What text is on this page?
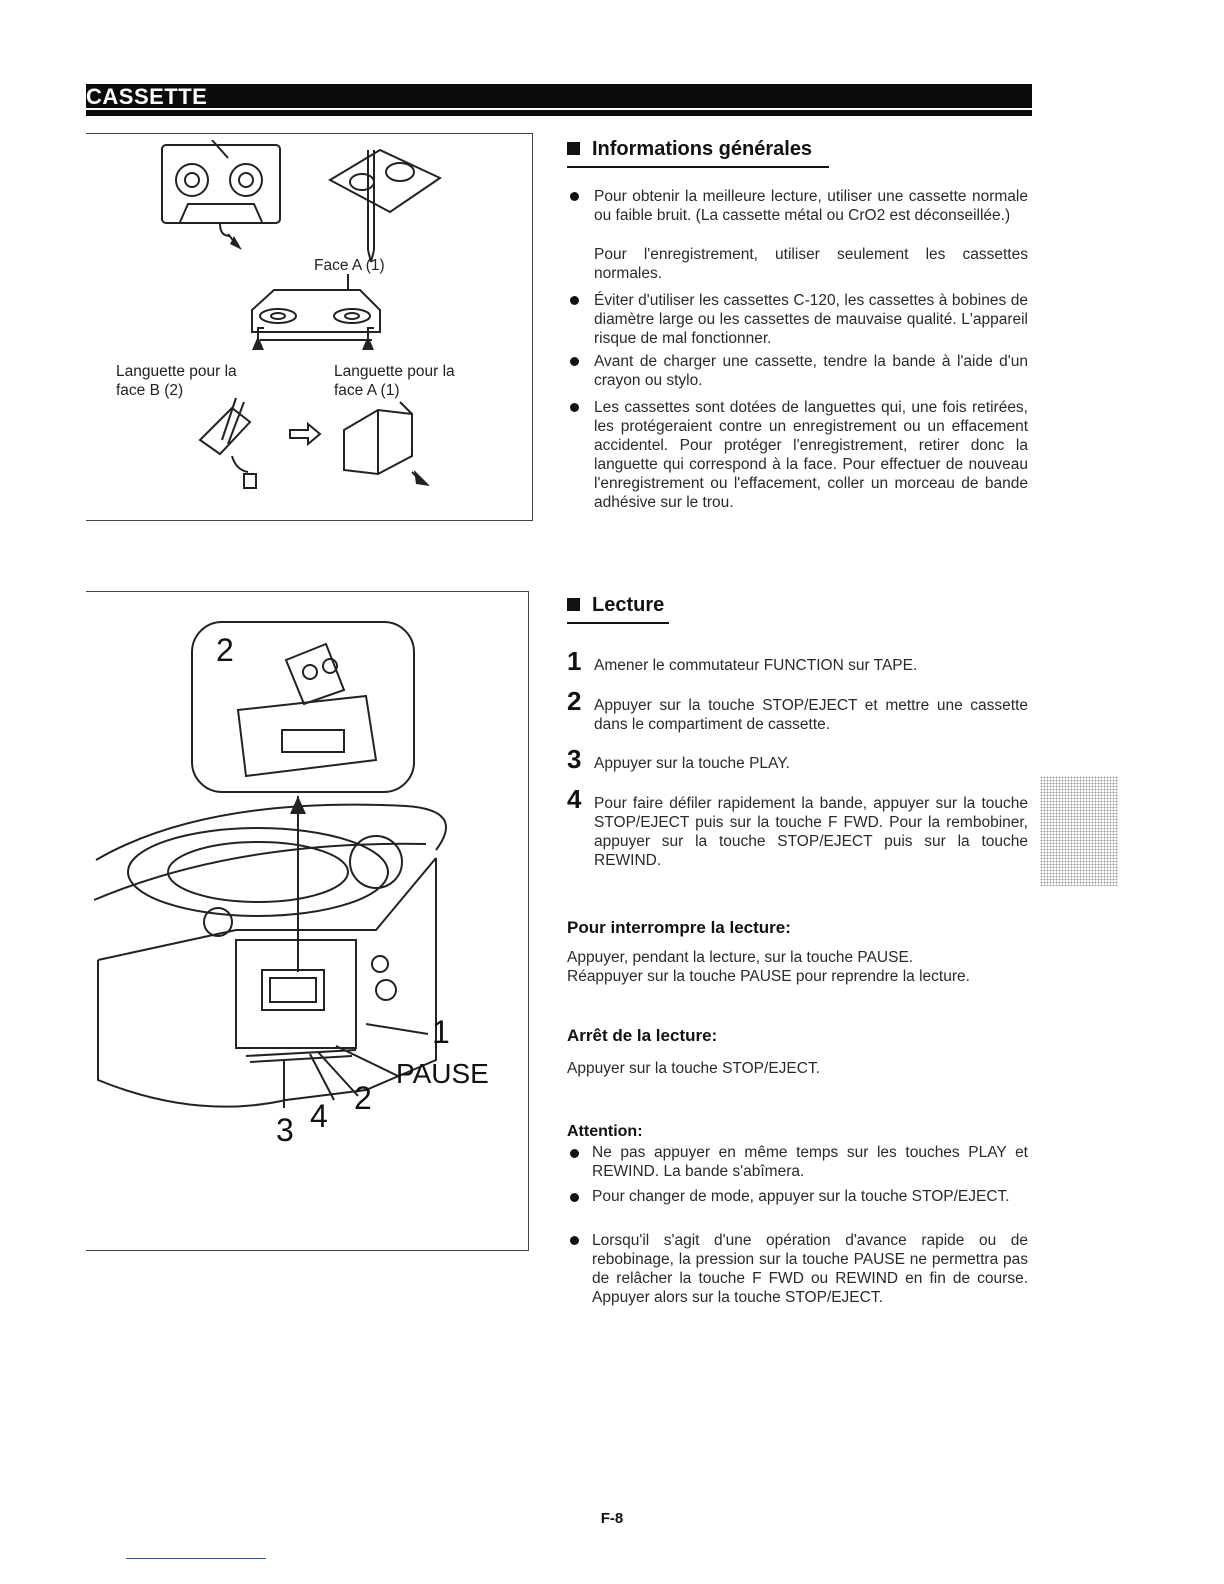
CASSETTE
Face A (1)
Languette pour la
face B (2)
Languette pour la
face A (1)
2
1
PAUSE
2
4
3
Informations générales
Pour obtenir la meilleure lecture, utiliser une cassette normale ou faible bruit. (La cassette métal ou CrO2 est déconseillée.)
Pour l'enregistrement, utiliser seulement les cassettes normales.
Éviter d'utiliser les cassettes C-120, les cassettes à bobines de diamètre large ou les cassettes de mauvaise qualité. L'appareil risque de mal fonctionner.
Avant de charger une cassette, tendre la bande à l'aide d'un crayon ou stylo.
Les cassettes sont dotées de languettes qui, une fois retirées, les protégeraient contre un enregistrement ou un effacement accidentel. Pour protéger l'enregistrement, retirer donc la languette qui correspond à la face. Pour effectuer de nouveau l'enregistrement ou l'effacement, coller un morceau de bande adhésive sur le trou.
Lecture
1 Amener le commutateur FUNCTION sur TAPE.
2 Appuyer sur la touche STOP/EJECT et mettre une cassette dans le compartiment de cassette.
3 Appuyer sur la touche PLAY.
4 Pour faire défiler rapidement la bande, appuyer sur la touche STOP/EJECT puis sur la touche F FWD. Pour la rembobiner, appuyer sur la touche STOP/EJECT puis sur la touche REWIND.
Pour interrompre la lecture:
Appuyer, pendant la lecture, sur la touche PAUSE.
Réappuyer sur la touche PAUSE pour reprendre la lecture.
Arrêt de la lecture:
Appuyer sur la touche STOP/EJECT.
Attention:
Ne pas appuyer en même temps sur les touches PLAY et REWIND. La bande s'abîmera.
Pour changer de mode, appuyer sur la touche STOP/EJECT.
Lorsqu'il s'agit d'une opération d'avance rapide ou de rebobinage, la pression sur la touche PAUSE ne permettra pas de relâcher la touche F FWD ou REWIND en fin de course. Appuyer alors sur la touche STOP/EJECT.
F-8
